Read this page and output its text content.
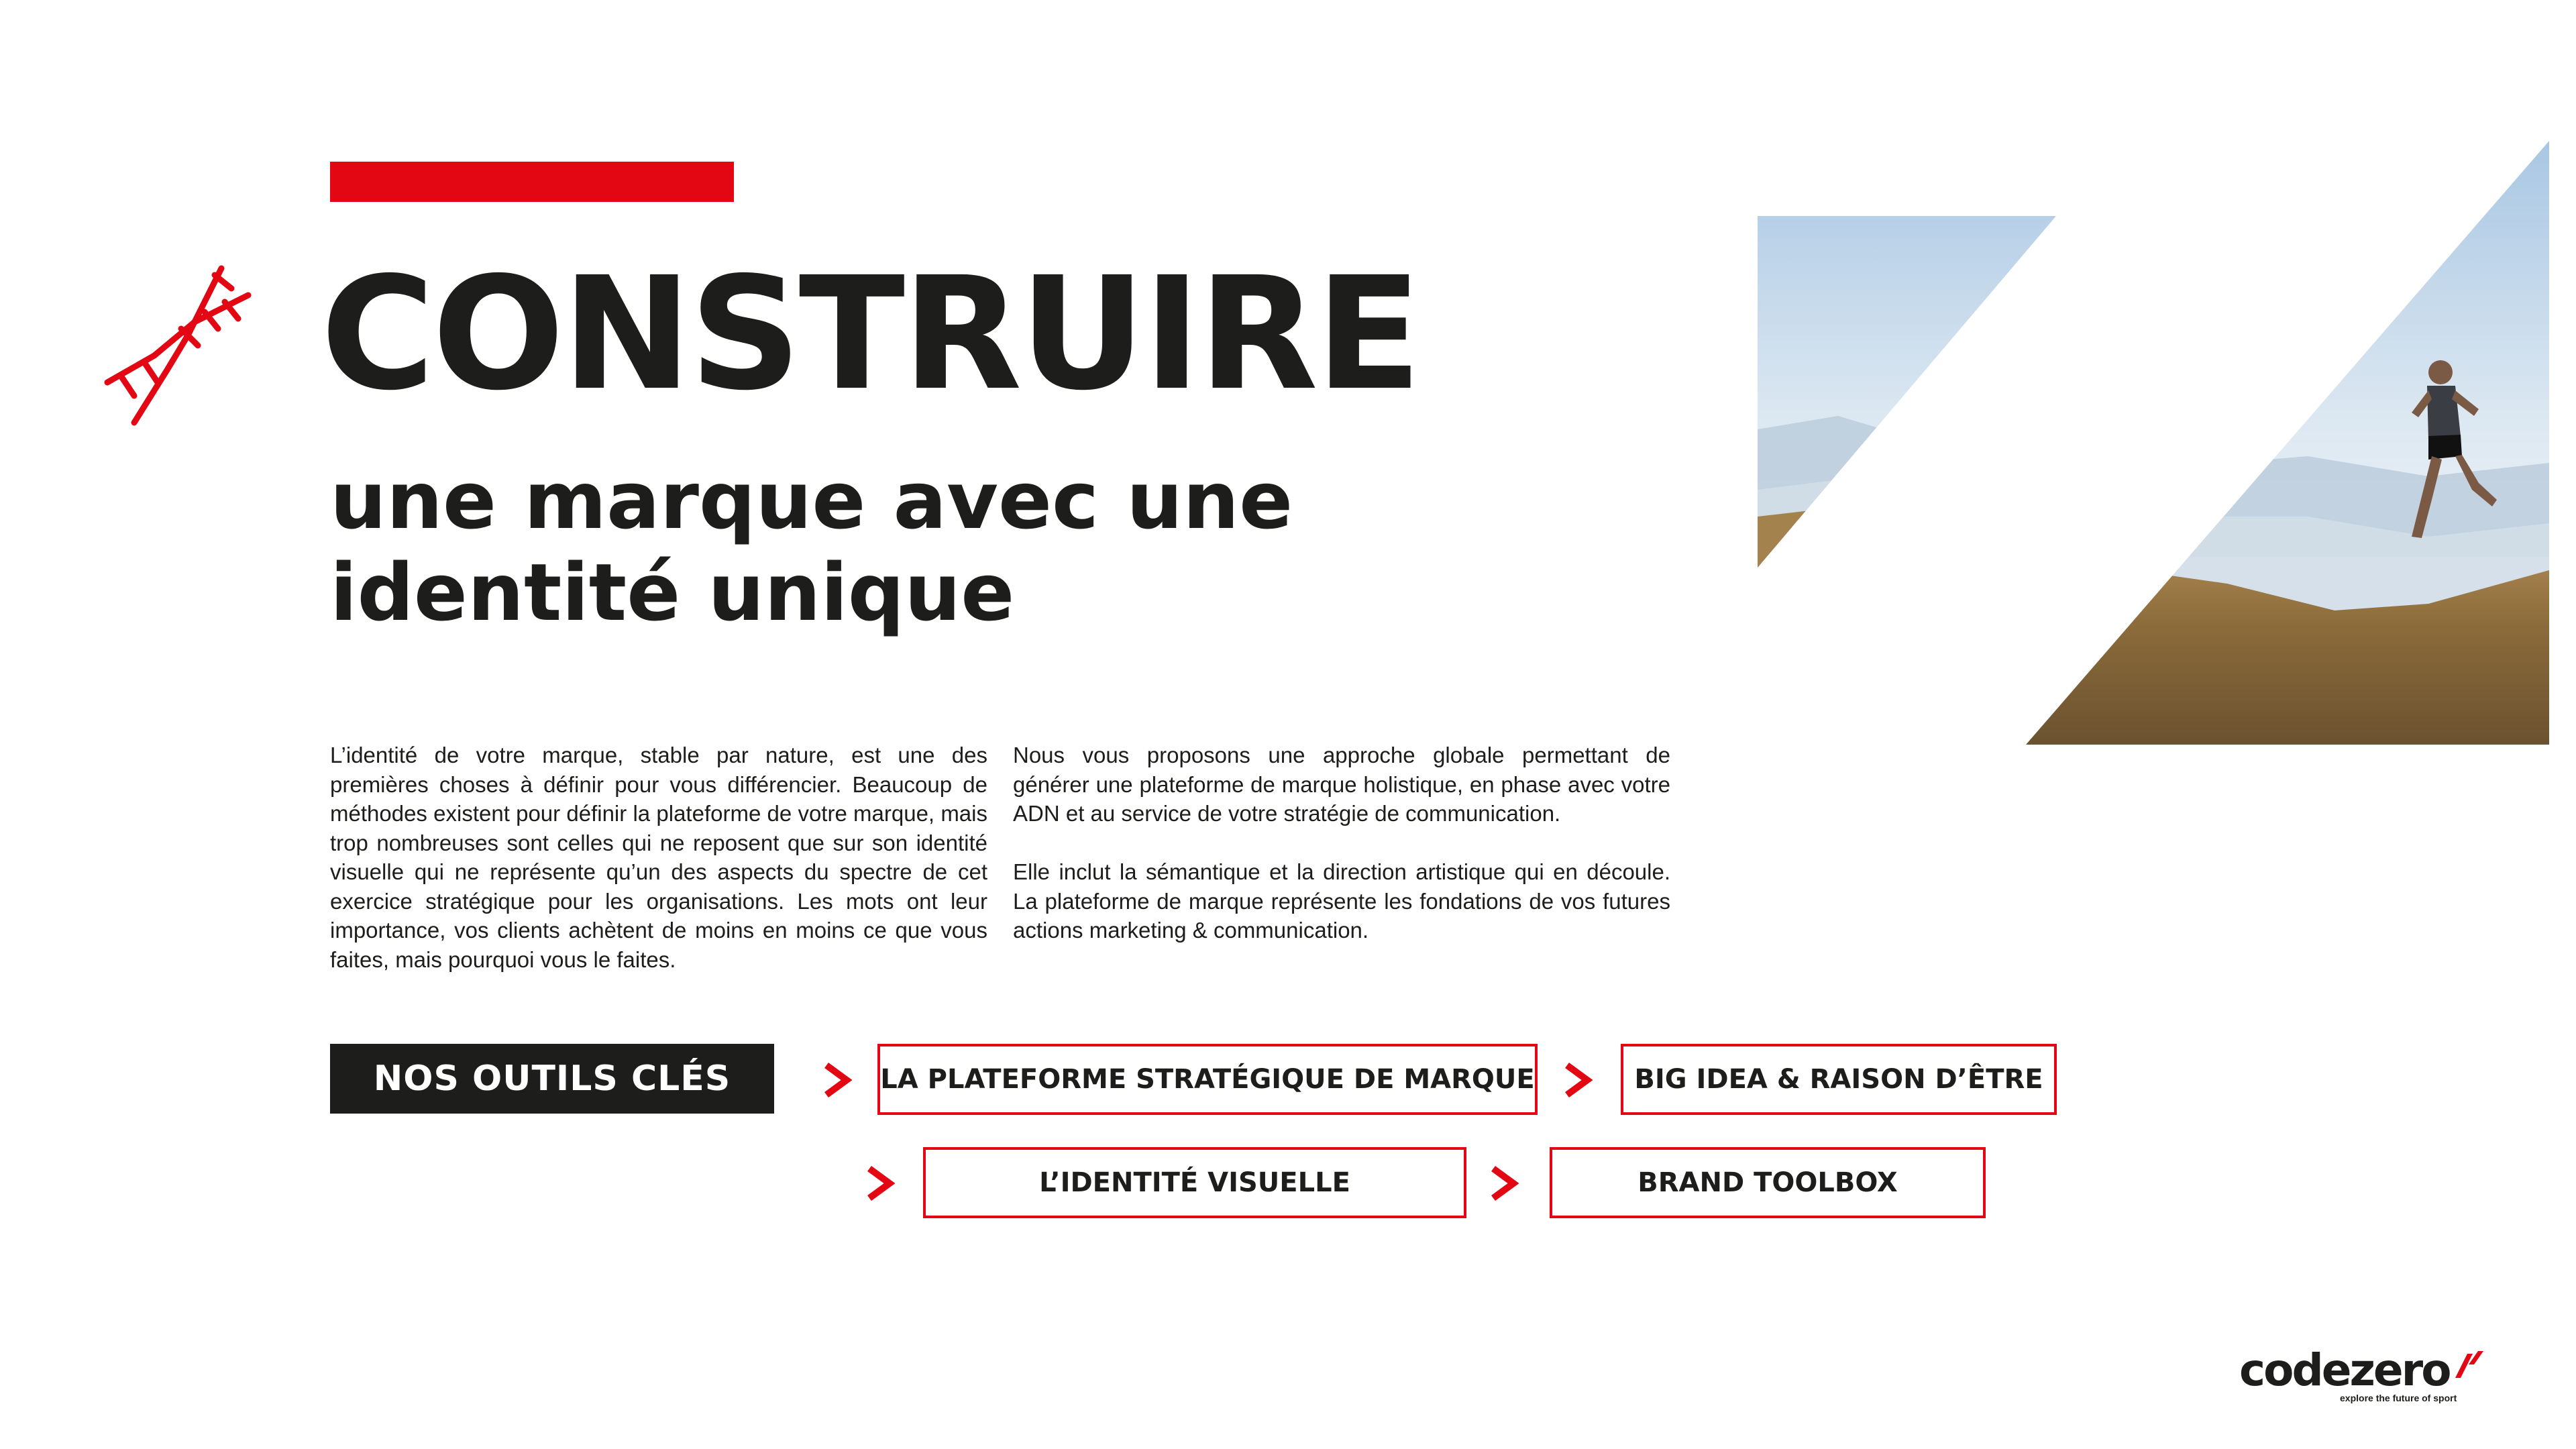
CONSTRUIRE
une marque avec une
identité unique
L’identité de votre marque, stable par nature, est une des premières choses à définir pour vous différencier. Beaucoup de méthodes existent pour définir la plateforme de votre marque, mais trop nombreuses sont celles qui ne reposent que sur son identité visuelle qui ne représente qu’un des aspects du spectre de cet exercice stratégique pour les organisations. Les mots ont leur importance, vos clients achètent de moins en moins ce que vous faites, mais pourquoi vous le faites.
Nous vous proposons une approche globale permettant de générer une plateforme de marque holistique, en phase avec votre ADN et au service de votre stratégie de communication.
Elle inclut la sémantique et la direction artistique qui en découle. La plateforme de marque représente les fondations de vos futures actions marketing & communication.
NOS OUTILS CLÉS	LA PLATEFORME STRATÉGIQUE DE MARQUE	BIG IDEA & RAISON D’ÊTRE
L’IDENTITÉ VISUELLE	BRAND TOOLBOX
codezero
explore the future of sport
